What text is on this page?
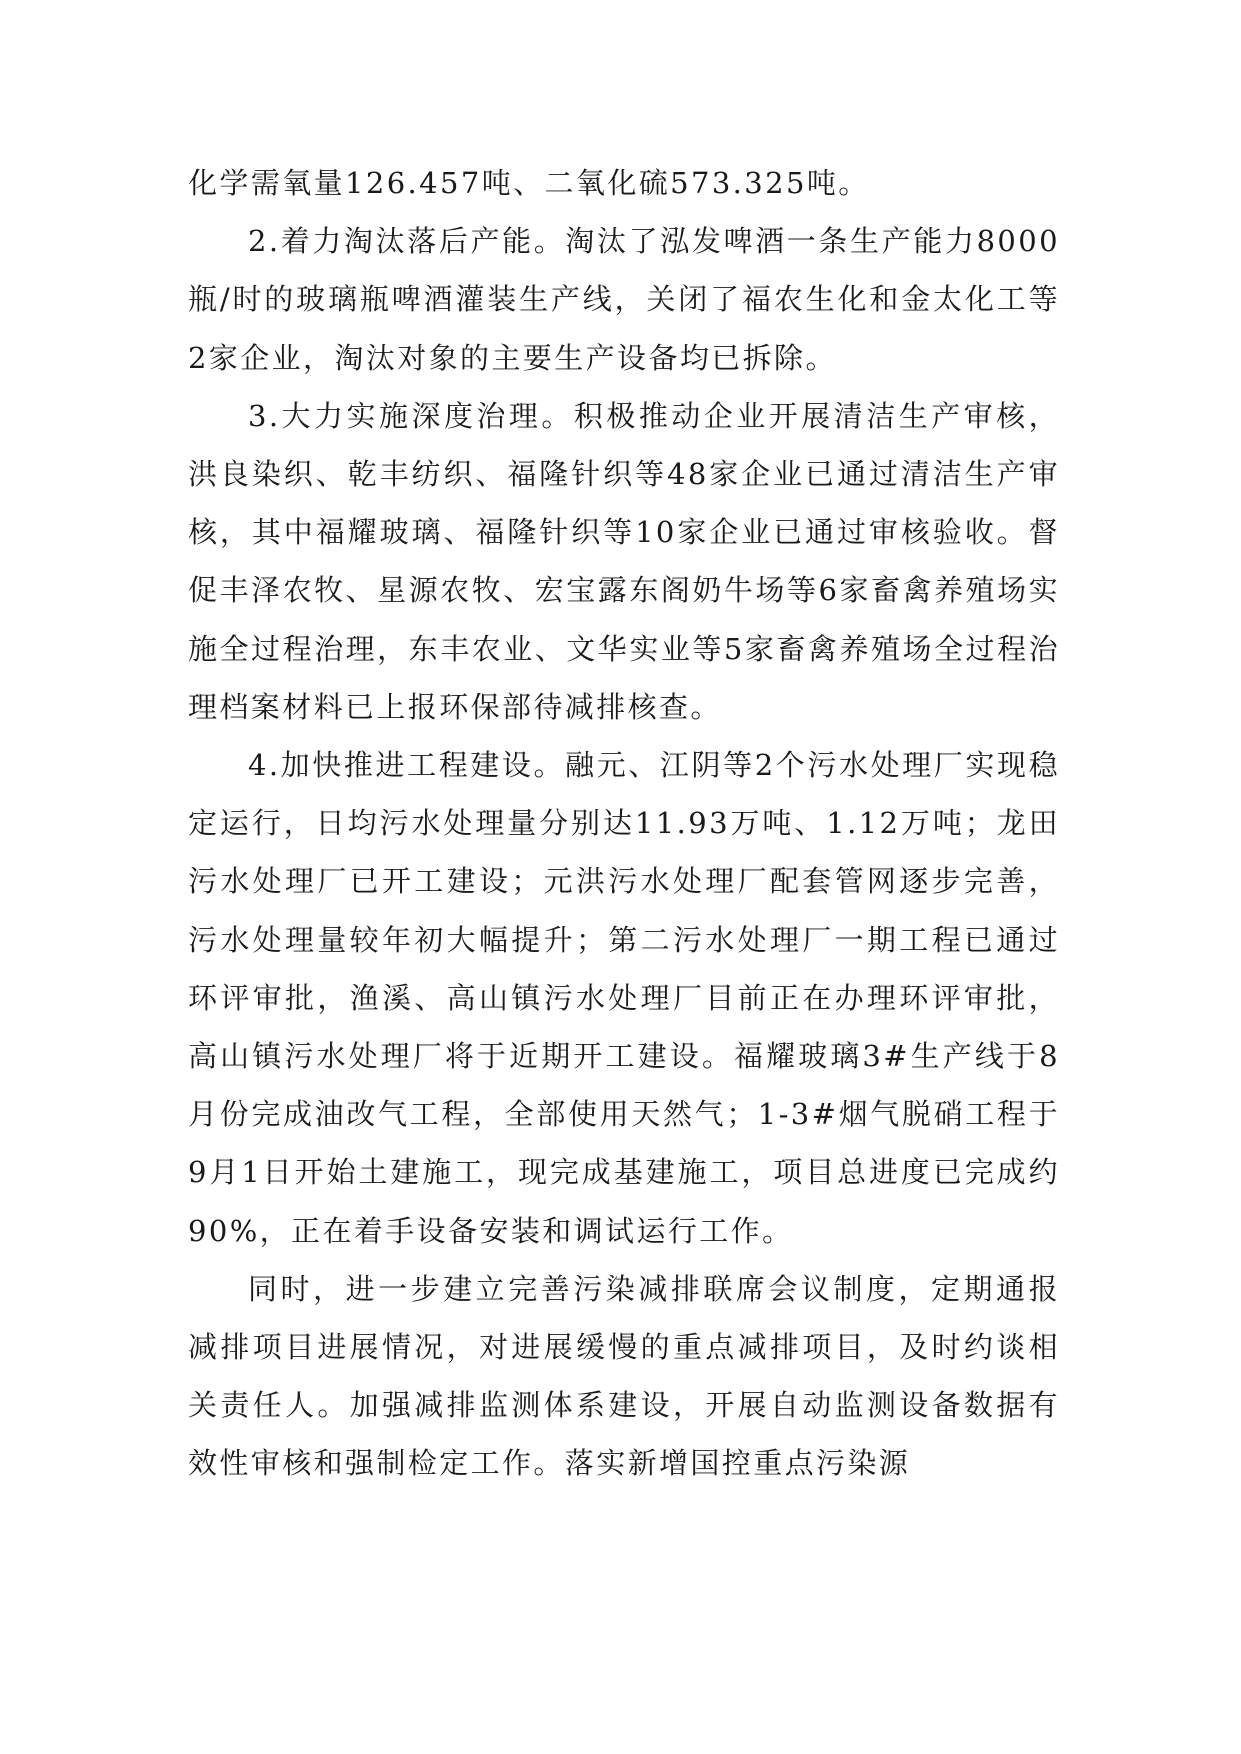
化学需氧量126.457吨、二氧化硫573.325吨。

2.着力淘汰落后产能。淘汰了泓发啤酒一条生产能力8000瓶/时的玻璃瓶啤酒灌装生产线，关闭了福农生化和金太化工等2家企业，淘汰对象的主要生产设备均已拆除。

3.大力实施深度治理。积极推动企业开展清洁生产审核，洪良染织、乾丰纺织、福隆针织等48家企业已通过清洁生产审核，其中福耀玻璃、福隆针织等10家企业已通过审核验收。督促丰泽农牧、星源农牧、宏宝露东阁奶牛场等6家畜禽养殖场实施全过程治理，东丰农业、文华实业等5家畜禽养殖场全过程治理档案材料已上报环保部待减排核查。

4.加快推进工程建设。融元、江阴等2个污水处理厂实现稳定运行，日均污水处理量分别达11.93万吨、1.12万吨；龙田污水处理厂已开工建设；元洪污水处理厂配套管网逐步完善，污水处理量较年初大幅提升；第二污水处理厂一期工程已通过环评审批，渔溪、高山镇污水处理厂目前正在办理环评审批，高山镇污水处理厂将于近期开工建设。福耀玻璃3#生产线于8月份完成油改气工程，全部使用天然气；1-3#烟气脱硝工程于9月1日开始土建施工，现完成基建施工，项目总进度已完成约90%，正在着手设备安装和调试运行工作。

同时，进一步建立完善污染减排联席会议制度，定期通报减排项目进展情况，对进展缓慢的重点减排项目，及时约谈相关责任人。加强减排监测体系建设，开展自动监测设备数据有效性审核和强制检定工作。落实新增国控重点污染源
